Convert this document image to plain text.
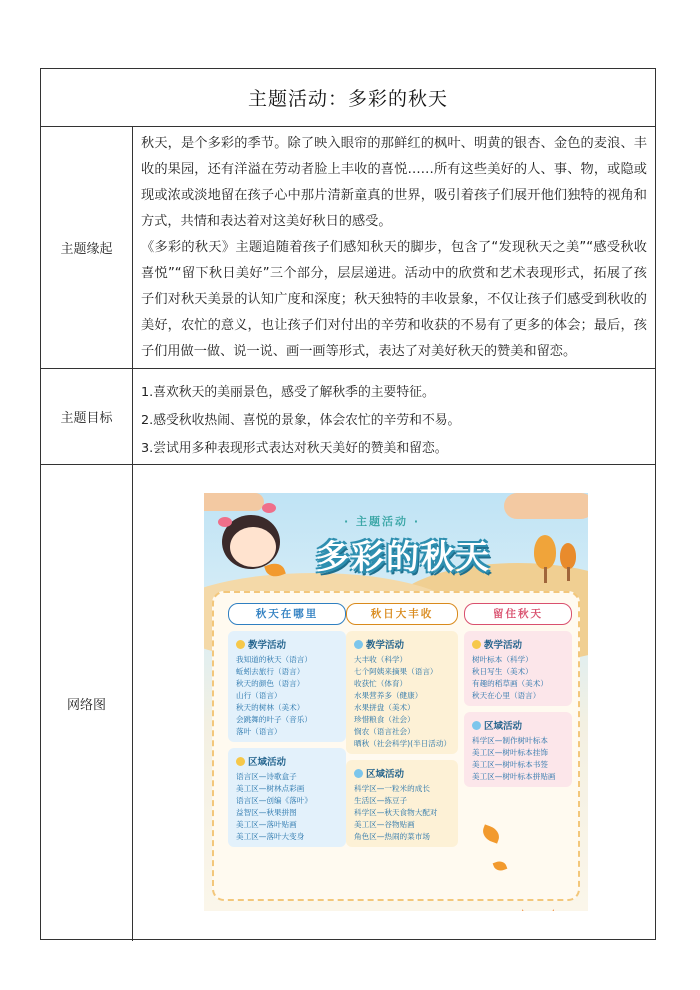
主题活动：多彩的秋天
主题缘起

秋天，是个多彩的季节。除了映入眼帘的那鲜红的枫叶、明黄的银杏、金色的麦浪、丰收的果园，还有洋溢在劳动者脸上丰收的喜悦……所有这些美好的人、事、物，或隐或现或浓或淡地留在孩子心中那片清新童真的世界，吸引着孩子们展开他们独特的视角和方式，共情和表达着对这美好秋日的感受。

《多彩的秋天》主题追随着孩子们感知秋天的脚步，包含了“发现秋天之美”“感受秋收喜悦”“留下秋日美好”三个部分，层层递进。活动中的欣赏和艺术表现形式，拓展了孩子们对秋天美景的认知广度和深度；秋天独特的丰收景象，不仅让孩子们感受到秋收的美好，农忙的意义，也让孩子们对付出的辛劳和收获的不易有了更多的体会；最后，孩子们用做一做、说一说、画一画等形式，表达了对美好秋天的赞美和留恋。

主题目标

1.喜欢秋天的美丽景色，感受了解秋季的主要特征。

2.感受秋收热闹、喜悦的景象，体会农忙的辛劳和不易。

3.尝试用多种表现形式表达对秋天美好的赞美和留恋。

网络图
· 主题活动 ·
多彩的秋天
秋天在哪里
教学活动
我知道的秋天（语言）
蚯蚓去旅行（语言）
秋天的颜色（语言）
山行（语言）
秋天的树林（美术）
会跳舞的叶子（音乐）
落叶（语言）
区域活动
语言区—诗歌盒子
美工区—树林点彩画
语言区—创编《落叶》
益智区—秋果拼图
美工区—落叶贴画
美工区—落叶大变身
秋日大丰收
教学活动
大丰收（科学）
七个阿姨来摘果（语言）
收获忙（体育）
水果营养多（健康）
水果拼盘（美术）
珍惜粮食（社会）
悯农（语言社会）
晒秋（社会科学)(半日活动）
区域活动
科学区—一粒米的成长
生活区—拣豆子
科学区—秋天食物大配对
美工区—谷物贴画
角色区—热闹的菜市场
留住秋天
教学活动
树叶标本（科学）
秋日写生（美术）
有趣的稻草画（美术）
秋天在心里（语言）
区域活动
科学区—制作树叶标本
美工区—树叶标本挂饰
美工区—树叶标本书签
美工区—树叶标本拼贴画
